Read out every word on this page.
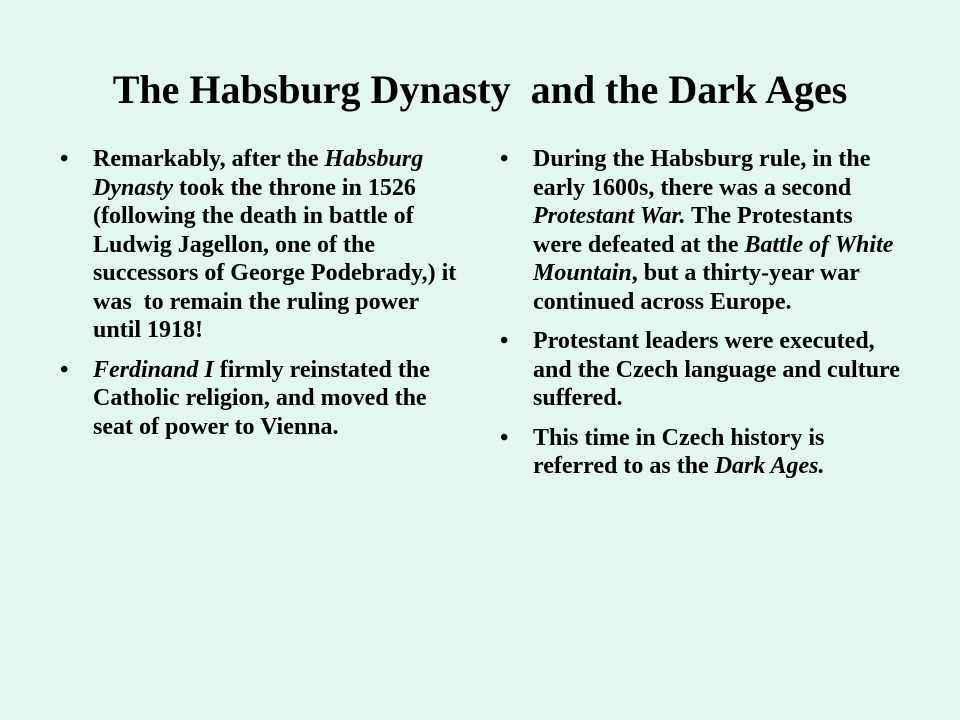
The Habsburg Dynasty  and the Dark Ages
• Remarkably, after the Habsburg Dynasty took the throne in 1526 (following the death in battle of Ludwig Jagellon, one of the successors of George Podebrady,) it was  to remain the ruling power until 1918!
• Ferdinand I firmly reinstated the Catholic religion, and moved the seat of power to Vienna.
• During the Habsburg rule, in the early 1600s, there was a second Protestant War. The Protestants were defeated at the Battle of White Mountain, but a thirty-year war continued across Europe.
• Protestant leaders were executed, and the Czech language and culture suffered.
• This time in Czech history is referred to as the Dark Ages.
